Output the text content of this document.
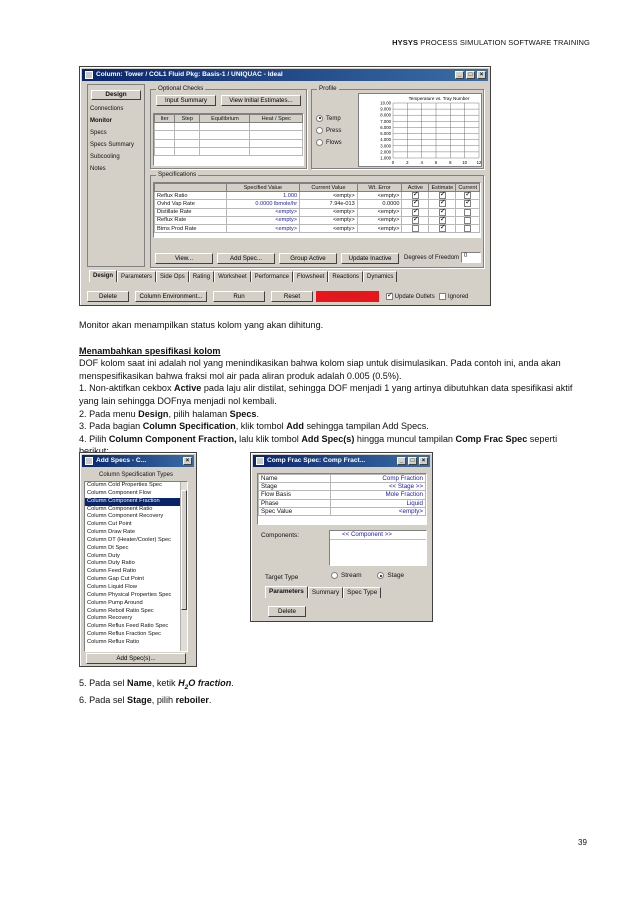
HYSYS PROCESS SIMULATION SOFTWARE TRAINING
Column: Tower / COL1 Fluid Pkg: Basis-1 / UNIQUAC - Ideal	_	□	×
Design
Connections
Monitor
Specs
Specs Summary
Subcooling
Notes
Optional Checks
Input Summary	View Initial Estimates...
Iter	Step	Equilibrium	Heat / Spec

Profile
Temp
Press
Flows
Temperature vs. Tray Number
10.00
9.000
8.000
7.000
6.000
5.000
4.000
3.000
2.000
1.000
0	2	4	6	8 10 12
Specifications
	Specified Value	Current Value	Wt. Error	Active	Estimate	Current
Reflux Ratio	1.000	<empty>	<empty>	✓	✓	✓
Ovhd Vap Rate	0.0000 lbmole/hr	7.94e-013	0.0000	✓	✓	✓
Distillate Rate	<empty>	<empty>	<empty>	✓	✓	
Reflux Rate	<empty>	<empty>	<empty>	✓	✓	
Btms Prod Rate	<empty>	<empty>	<empty>		✓	
View...	Add Spec...	Group Active	Update Inactive	Degrees of Freedom 0
Design	Parameters	Side Ops	Rating	Worksheet	Performance	Flowsheet	Reactions	Dynamics
Delete	Column Environment...	Run	Reset	Unconverged ✓	Update Outlets Ignored

Monitor akan menampilkan status kolom yang akan dihitung.

Menambahkan spesifikasi kolom

DOF kolom saat ini adalah nol yang menindikasikan bahwa kolom siap untuk disimulasikan. Pada contoh ini, anda akan menspesifikasikan bahwa fraksi mol air pada aliran produk adalah 0.005 (0.5%).

1. Non-aktifkan cekbox Active pada laju alir distilat, sehingga DOF menjadi 1 yang artinya dibutuhkan data spesifikasi aktif yang lain sehingga DOFnya menjadi nol kembali.

2. Pada menu Design, pilih halaman Specs.

3. Pada bagian Column Specification, klik tombol Add sehingga tampilan Add Specs.

4. Pilih Column Component Fraction, lalu klik tombol Add Spec(s) hingga muncul tampilan Comp Frac Spec seperti

Add Specs - C...	×
Column Specification Types
Column Cold Properties Spec
Column Component Flow
Column Component Fraction
Column Component Ratio
Column Component Recovery
Column Cut Point
Column Draw Rate
Column DT (Heater/Cooler) Spec
Column Dt Spec
Column Duty
Column Duty Ratio
Column Feed Ratio
Column Gap Cut Point
Column Liquid Flow
Column Physical Properties Spec
Column Pump Around
Column Reboil Ratio Spec
Column Recovery
Column Reflux Feed Ratio Spec
Column Reflux Fraction Spec
Column Reflux Ratio
Add Spec(s)...
Comp Frac Spec: Comp Fract...	_	□	×
Name	Comp Fraction
Stage	<< Stage >>
Flow Basis	Mole Fraction
Phase	Liquid
Spec Value	<empty>
Components:	<< Component >>
Target Type	Stream	Stage
Parameters	Summary	Spec Type
Delete

5. Pada sel Name, ketik $H_2O$ fraction.

6. Pada sel Stage, pilih reboiler.

39
